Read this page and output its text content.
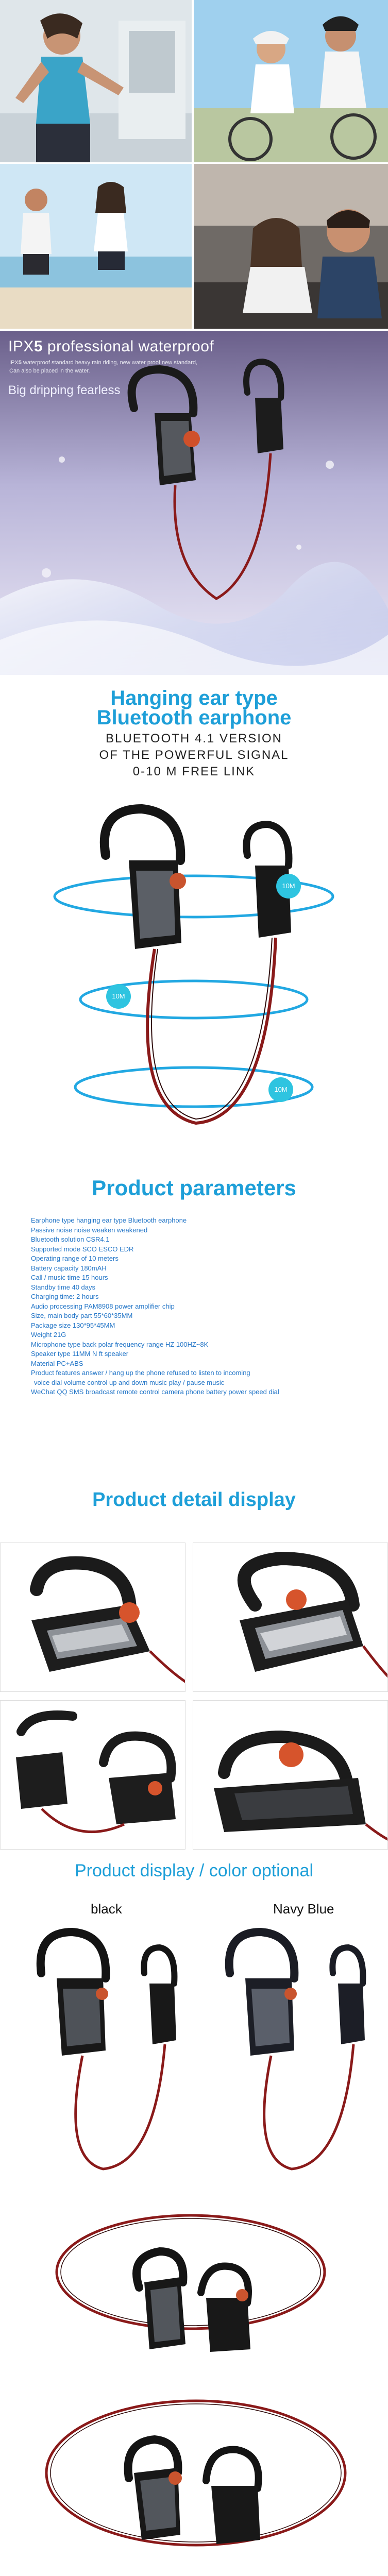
IPX5 professional waterproof
IPX5 waterproof standard heavy rain riding, new water proof new standard,
Can also be placed in the water.
Big dripping fearless
Hanging ear type
Bluetooth earphone
BLUETOOTH 4.1 VERSION
OF THE POWERFUL SIGNAL
0-10 M FREE LINK
10M
10M
10M
Product parameters
Earphone type hanging ear type Bluetooth earphone
Passive noise noise weaken weakened
Bluetooth solution CSR4.1
Supported mode SCO ESCO EDR
Operating range of 10 meters
Battery capacity 180mAH
Call / music time 15 hours
Standby time 40 days
Charging time: 2 hours
Audio processing PAM8908 power amplifier chip
Size, main body part 55*60*35MM
Package size 130*95*45MM
Weight 21G
Microphone type back polar frequency range HZ 100HZ~8K
Speaker type 11MM N ft speaker
Material PC+ABS
Product features answer / hang up the phone refused to listen to incoming
voice dial volume control up and down music play / pause music
WeChat QQ SMS broadcast remote control camera phone battery power speed dial
Product detail display
Product display / color optional
black	Navy Blue
